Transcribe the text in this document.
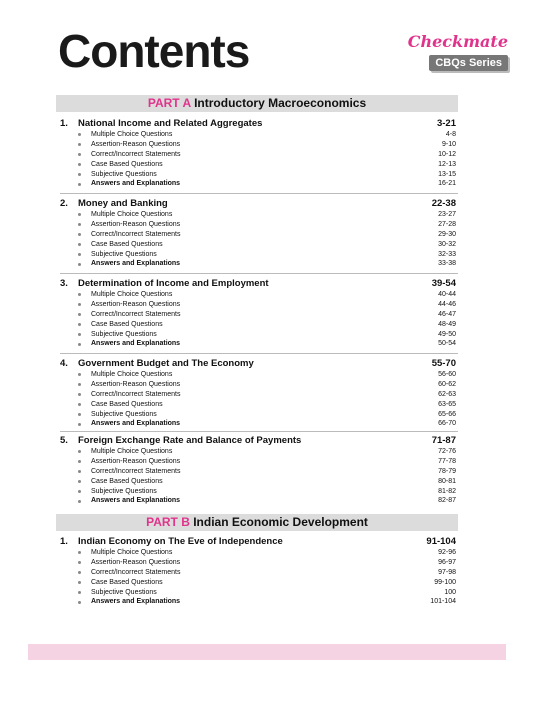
Contents	Checkmate
CBQs Series
PART A Introductory Macroeconomics
1. National Income and Related Aggregates	3-21
Multiple Choice Questions	4-8
Assertion-Reason Questions	9-10
Correct/Incorrect Statements	10-12
Case Based Questions	12-13
Subjective Questions	13-15
Answers and Explanations	16-21
2. Money and Banking	22-38
Multiple Choice Questions	23-27
Assertion-Reason Questions	27-28
Correct/Incorrect Statements	29-30
Case Based Questions	30-32
Subjective Questions	32-33
Answers and Explanations	33-38
3. Determination of Income and Employment	39-54
Multiple Choice Questions	40-44
Assertion-Reason Questions	44-46
Correct/Incorrect Statements	46-47
Case Based Questions	48-49
Subjective Questions	49-50
Answers and Explanations	50-54
4. Government Budget and The Economy	55-70
Multiple Choice Questions	56-60
Assertion-Reason Questions	60-62
Correct/Incorrect Statements	62-63
Case Based Questions	63-65
Subjective Questions	65-66
Answers and Explanations	66-70
5. Foreign Exchange Rate and Balance of Payments	71-87
Multiple Choice Questions	72-76
Assertion-Reason Questions	77-78
Correct/Incorrect Statements	78-79
Case Based Questions	80-81
Subjective Questions	81-82
Answers and Explanations	82-87
PART B Indian Economic Development
1. Indian Economy on The Eve of Independence	91-104
Multiple Choice Questions	92-96
Assertion-Reason Questions	96-97
Correct/Incorrect Statements	97-98
Case Based Questions	99-100
Subjective Questions	100
Answers and Explanations	101-104
